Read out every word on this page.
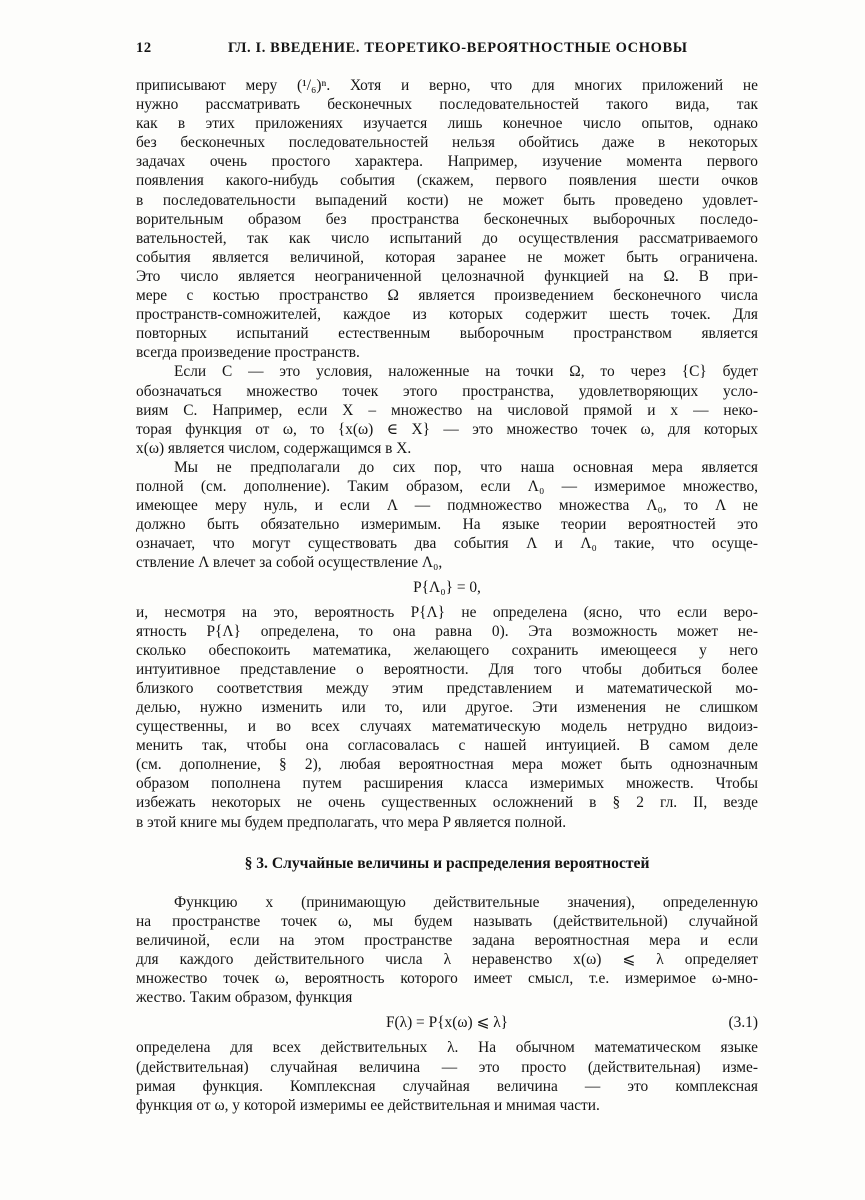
12	ГЛ. I. ВВЕДЕНИЕ. ТЕОРЕТИКО-ВЕРОЯТНОСТНЫЕ ОСНОВЫ
приписывают меру (¹/₆)ⁿ. Хотя и верно, что для многих приложений не
нужно рассматривать бесконечных последовательностей такого вида, так
как в этих приложениях изучается лишь конечное число опытов, однако
без бесконечных последовательностей нельзя обойтись даже в некоторых
задачах очень простого характера. Например, изучение момента первого
появления какого-нибудь события (скажем, первого появления шести очков
в последовательности выпадений кости) не может быть проведено удовлет-
ворительным образом без пространства бесконечных выборочных последо-
вательностей, так как число испытаний до осуществления рассматриваемого
события является величиной, которая заранее не может быть ограничена.
Это число является неограниченной целозначной функцией на Ω. В при-
мере с костью пространство Ω является произведением бесконечного числа
пространств-сомножителей, каждое из которых содержит шесть точек. Для
повторных испытаний естественным выборочным пространством является
всегда произведение пространств.
Если C — это условия, наложенные на точки Ω, то через {C} будет
обозначаться множество точек этого пространства, удовлетворяющих усло-
виям C. Например, если X – множество на числовой прямой и x — неко-
торая функция от ω, то {x(ω) ∈ X} — это множество точек ω, для которых
x(ω) является числом, содержащимся в X.
Мы не предполагали до сих пор, что наша основная мера является
полной (см. дополнение). Таким образом, если Λ₀ — измеримое множество,
имеющее меру нуль, и если Λ — подмножество множества Λ₀, то Λ не
должно быть обязательно измеримым. На языке теории вероятностей это
означает, что могут существовать два события Λ и Λ₀ такие, что осуще-
ствление Λ влечет за собой осуществление Λ₀,
P{Λ₀} = 0,
и, несмотря на это, вероятность P{Λ} не определена (ясно, что если веро-
ятность P{Λ} определена, то она равна 0). Эта возможность может не-
сколько обеспокоить математика, желающего сохранить имеющееся у него
интуитивное представление о вероятности. Для того чтобы добиться более
близкого соответствия между этим представлением и математической мо-
делью, нужно изменить или то, или другое. Эти изменения не слишком
существенны, и во всех случаях математическую модель нетрудно видоиз-
менить так, чтобы она согласовалась с нашей интуицией. В самом деле
(см. дополнение, § 2), любая вероятностная мера может быть однозначным
образом пополнена путем расширения класса измеримых множеств. Чтобы
избежать некоторых не очень существенных осложнений в § 2 гл. II, везде
в этой книге мы будем предполагать, что мера P является полной.
§ 3. Случайные величины и распределения вероятностей
Функцию x (принимающую действительные значения), определенную
на пространстве точек ω, мы будем называть (действительной) случайной
величиной, если на этом пространстве задана вероятностная мера и если
для каждого действительного числа λ неравенство x(ω) ⩽ λ определяет
множество точек ω, вероятность которого имеет смысл, т.е. измеримое ω-мно-
жество. Таким образом, функция
F(λ) = P{x(ω) ⩽ λ}	(3.1)
определена для всех действительных λ. На обычном математическом языке
(действительная) случайная величина — это просто (действительная) изме-
римая функция. Комплексная случайная величина — это комплексная
функция от ω, у которой измеримы ее действительная и мнимая части.
